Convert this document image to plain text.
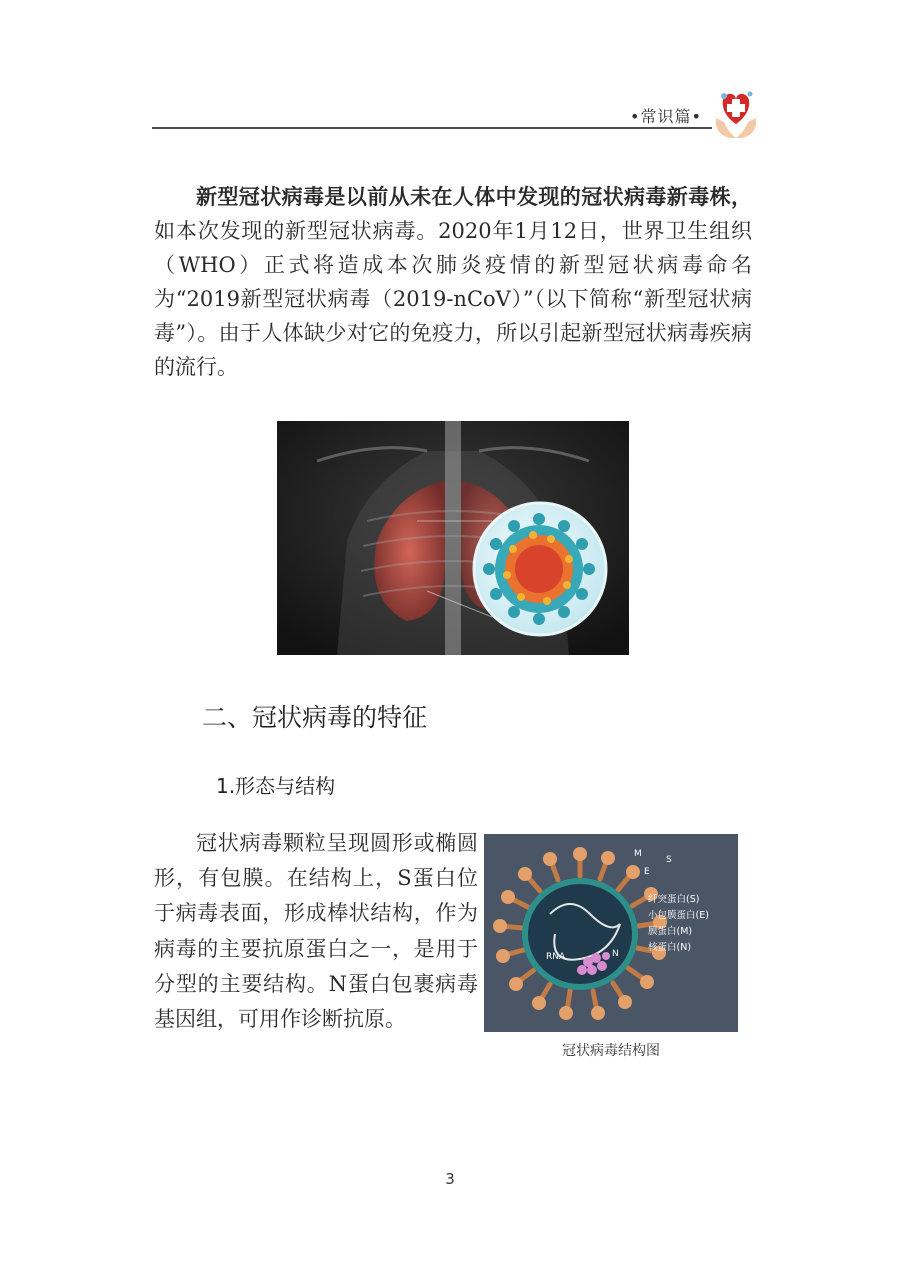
•常识篇•

新型冠状病毒是以前从未在人体中发现的冠状病毒新毒株，如本次发现的新型冠状病毒。2020年1月12日，世界卫生组织（WHO）正式将造成本次肺炎疫情的新型冠状病毒命名为“2019新型冠状病毒（2019-nCoV）”（以下简称“新型冠状病毒”）。由于人体缺少对它的免疫力，所以引起新型冠状病毒疾病的流行。

二、冠状病毒的特征
1.形态与结构

冠状病毒颗粒呈现圆形或椭圆形，有包膜。在结构上，S蛋白位于病毒表面，形成棒状结构，作为病毒的主要抗原蛋白之一，是用于分型的主要结构。N蛋白包裹病毒基因组，可用作诊断抗原。

RNA	N
M
E
S
纤突蛋白(S)
小包膜蛋白(E)
膜蛋白(M)
核蛋白(N)
冠状病毒结构图
3
